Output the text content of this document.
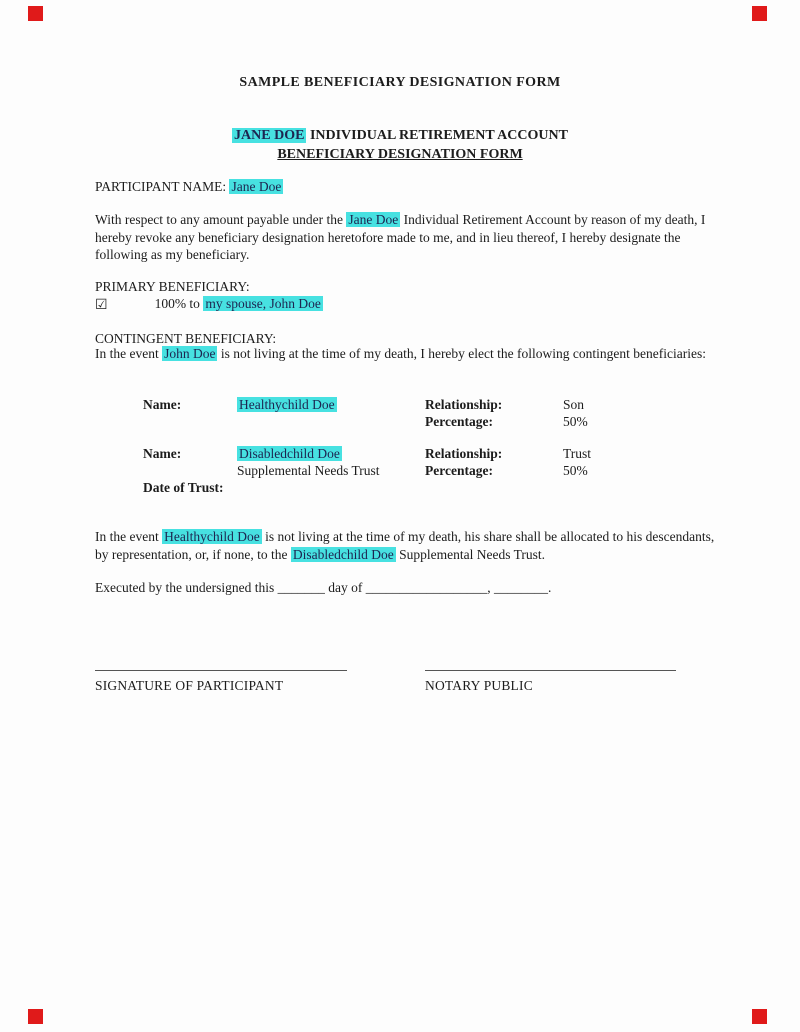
SAMPLE BENEFICIARY DESIGNATION FORM
JANE DOE INDIVIDUAL RETIREMENT ACCOUNT
BENEFICIARY DESIGNATION FORM
PARTICIPANT NAME: Jane Doe
With respect to any amount payable under the Jane Doe Individual Retirement Account by reason of my death, I hereby revoke any beneficiary designation heretofore made to me, and in lieu thereof, I hereby designate the following as my beneficiary.
PRIMARY BENEFICIARY:
☑	100% to my spouse, John Doe
CONTINGENT BENEFICIARY:
In the event John Doe is not living at the time of my death, I hereby elect the following contingent beneficiaries:
Name:	Healthychild Doe	Relationship:	Son
Percentage:	50%
Name:	Disabledchild Doe	Relationship:	Trust
Supplemental Needs Trust	Percentage:	50%
Date of Trust:
In the event Healthychild Doe is not living at the time of my death, his share shall be allocated to his descendants, by representation, or, if none, to the Disabledchild Doe Supplemental Needs Trust.
Executed by the undersigned this _______ day of __________________, ________.
SIGNATURE OF PARTICIPANT	NOTARY PUBLIC
